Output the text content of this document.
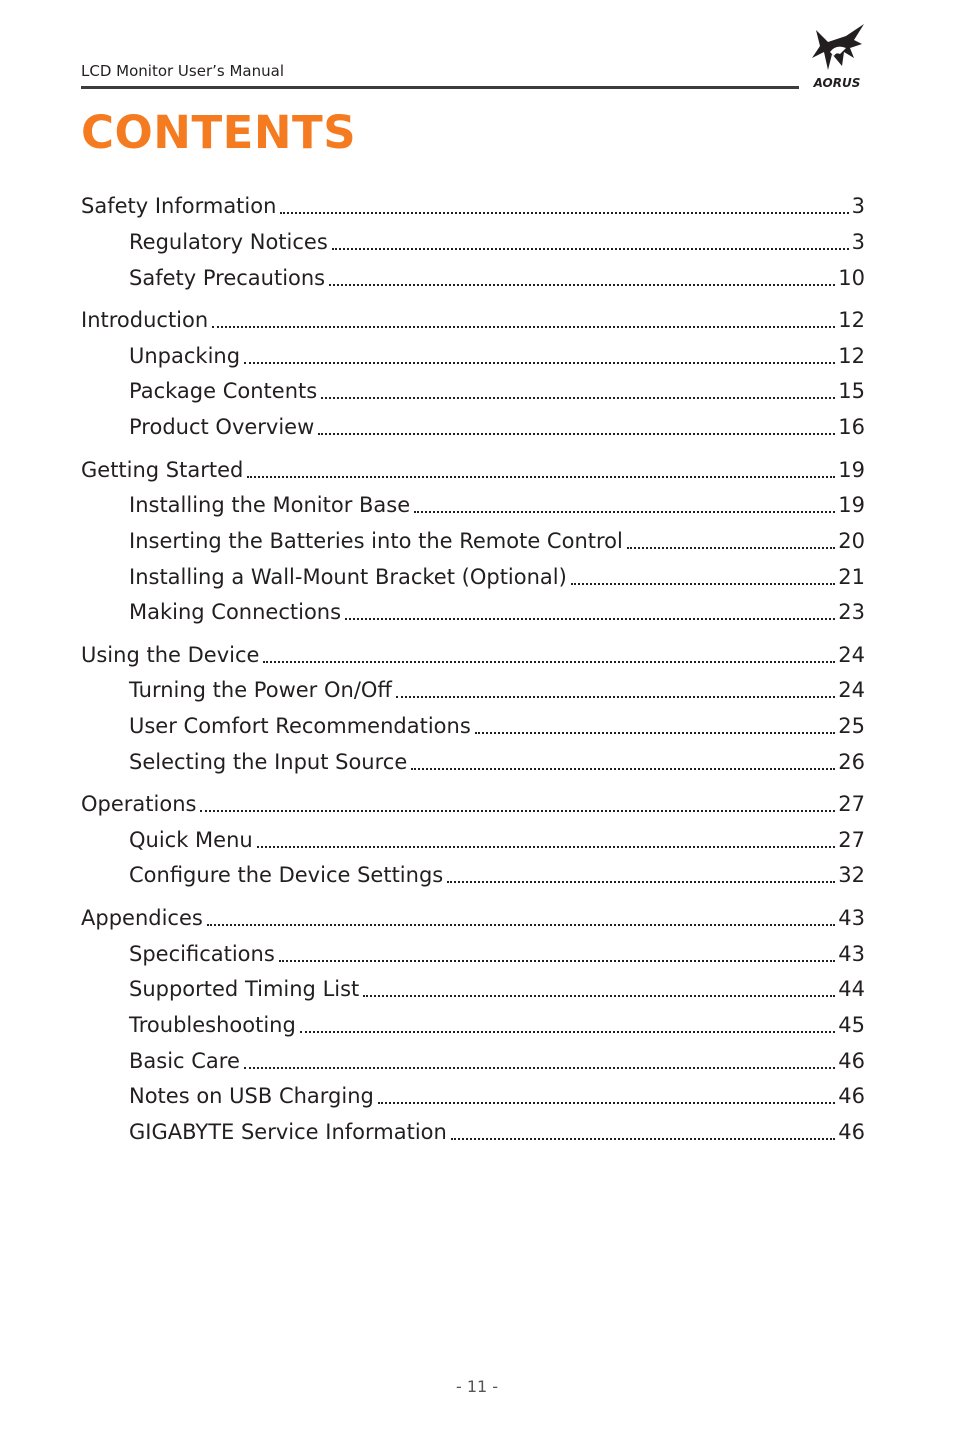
LCD Monitor User’s Manual
AORUS
CONTENTS
Safety Information	3
Regulatory Notices	3
Safety Precautions	10
Introduction	12
Unpacking	12
Package Contents	15
Product Overview	16
Getting Started	19
Installing the Monitor Base	19
Inserting the Batteries into the Remote Control	20
Installing a Wall-Mount Bracket (Optional)	21
Making Connections	23
Using the Device	24
Turning the Power On/Off	24
User Comfort Recommendations	25
Selecting the Input Source	26
Operations	27
Quick Menu	27
Configure the Device Settings	32
Appendices	43
Specifications	43
Supported Timing List	44
Troubleshooting	45
Basic Care	46
Notes on USB Charging	46
GIGABYTE Service Information	46
- 11 -
